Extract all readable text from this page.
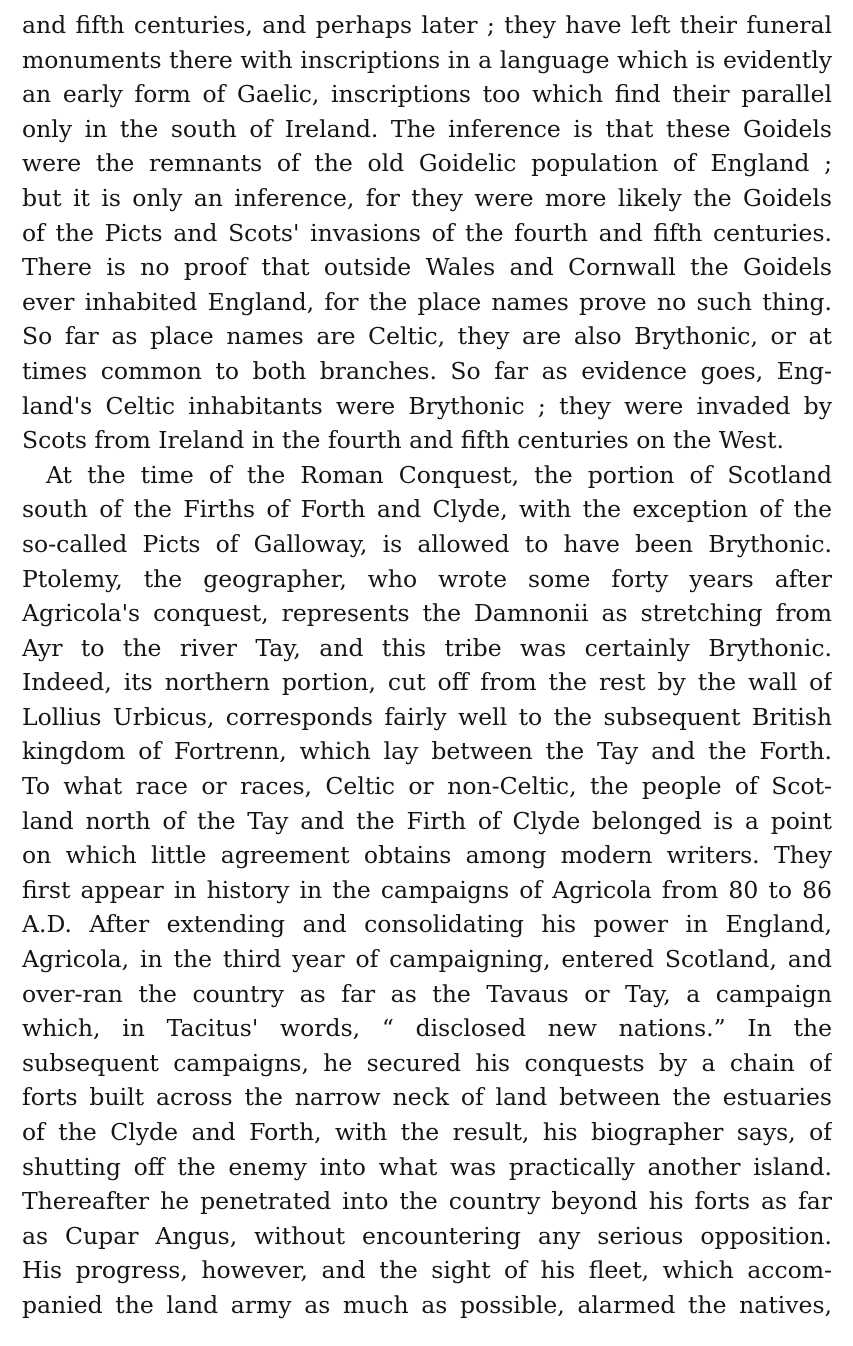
and fifth centuries, and perhaps later ; they have left their funeral
monuments there with inscriptions in a language which is evidently
an early form of Gaelic, inscriptions too which find their parallel
only in the south of Ireland. The inference is that these Goidels
were the remnants of the old Goidelic population of England ;
but it is only an inference, for they were more likely the Goidels
of the Picts and Scots' invasions of the fourth and fifth centuries.
There is no proof that outside Wales and Cornwall the Goidels
ever inhabited England, for the place names prove no such thing.
So far as place names are Celtic, they are also Brythonic, or at
times common to both branches. So far as evidence goes, Eng-
land's Celtic inhabitants were Brythonic ; they were invaded by
Scots from Ireland in the fourth and fifth centuries on the West.
At the time of the Roman Conquest, the portion of Scotland
south of the Firths of Forth and Clyde, with the exception of the
so-called Picts of Galloway, is allowed to have been Brythonic.
Ptolemy, the geographer, who wrote some forty years after
Agricola's conquest, represents the Damnonii as stretching from
Ayr to the river Tay, and this tribe was certainly Brythonic.
Indeed, its northern portion, cut off from the rest by the wall of
Lollius Urbicus, corresponds fairly well to the subsequent British
kingdom of Fortrenn, which lay between the Tay and the Forth.
To what race or races, Celtic or non-Celtic, the people of Scot-
land north of the Tay and the Firth of Clyde belonged is a point
on which little agreement obtains among modern writers. They
first appear in history in the campaigns of Agricola from 80 to 86
A.D. After extending and consolidating his power in England,
Agricola, in the third year of campaigning, entered Scotland, and
over-ran the country as far as the Tavaus or Tay, a campaign
which, in Tacitus' words, “ disclosed new nations.” In the
subsequent campaigns, he secured his conquests by a chain of
forts built across the narrow neck of land between the estuaries
of the Clyde and Forth, with the result, his biographer says, of
shutting off the enemy into what was practically another island.
Thereafter he penetrated into the country beyond his forts as far
as Cupar Angus, without encountering any serious opposition.
His progress, however, and the sight of his fleet, which accom-
panied the land army as much as possible, alarmed the natives,
